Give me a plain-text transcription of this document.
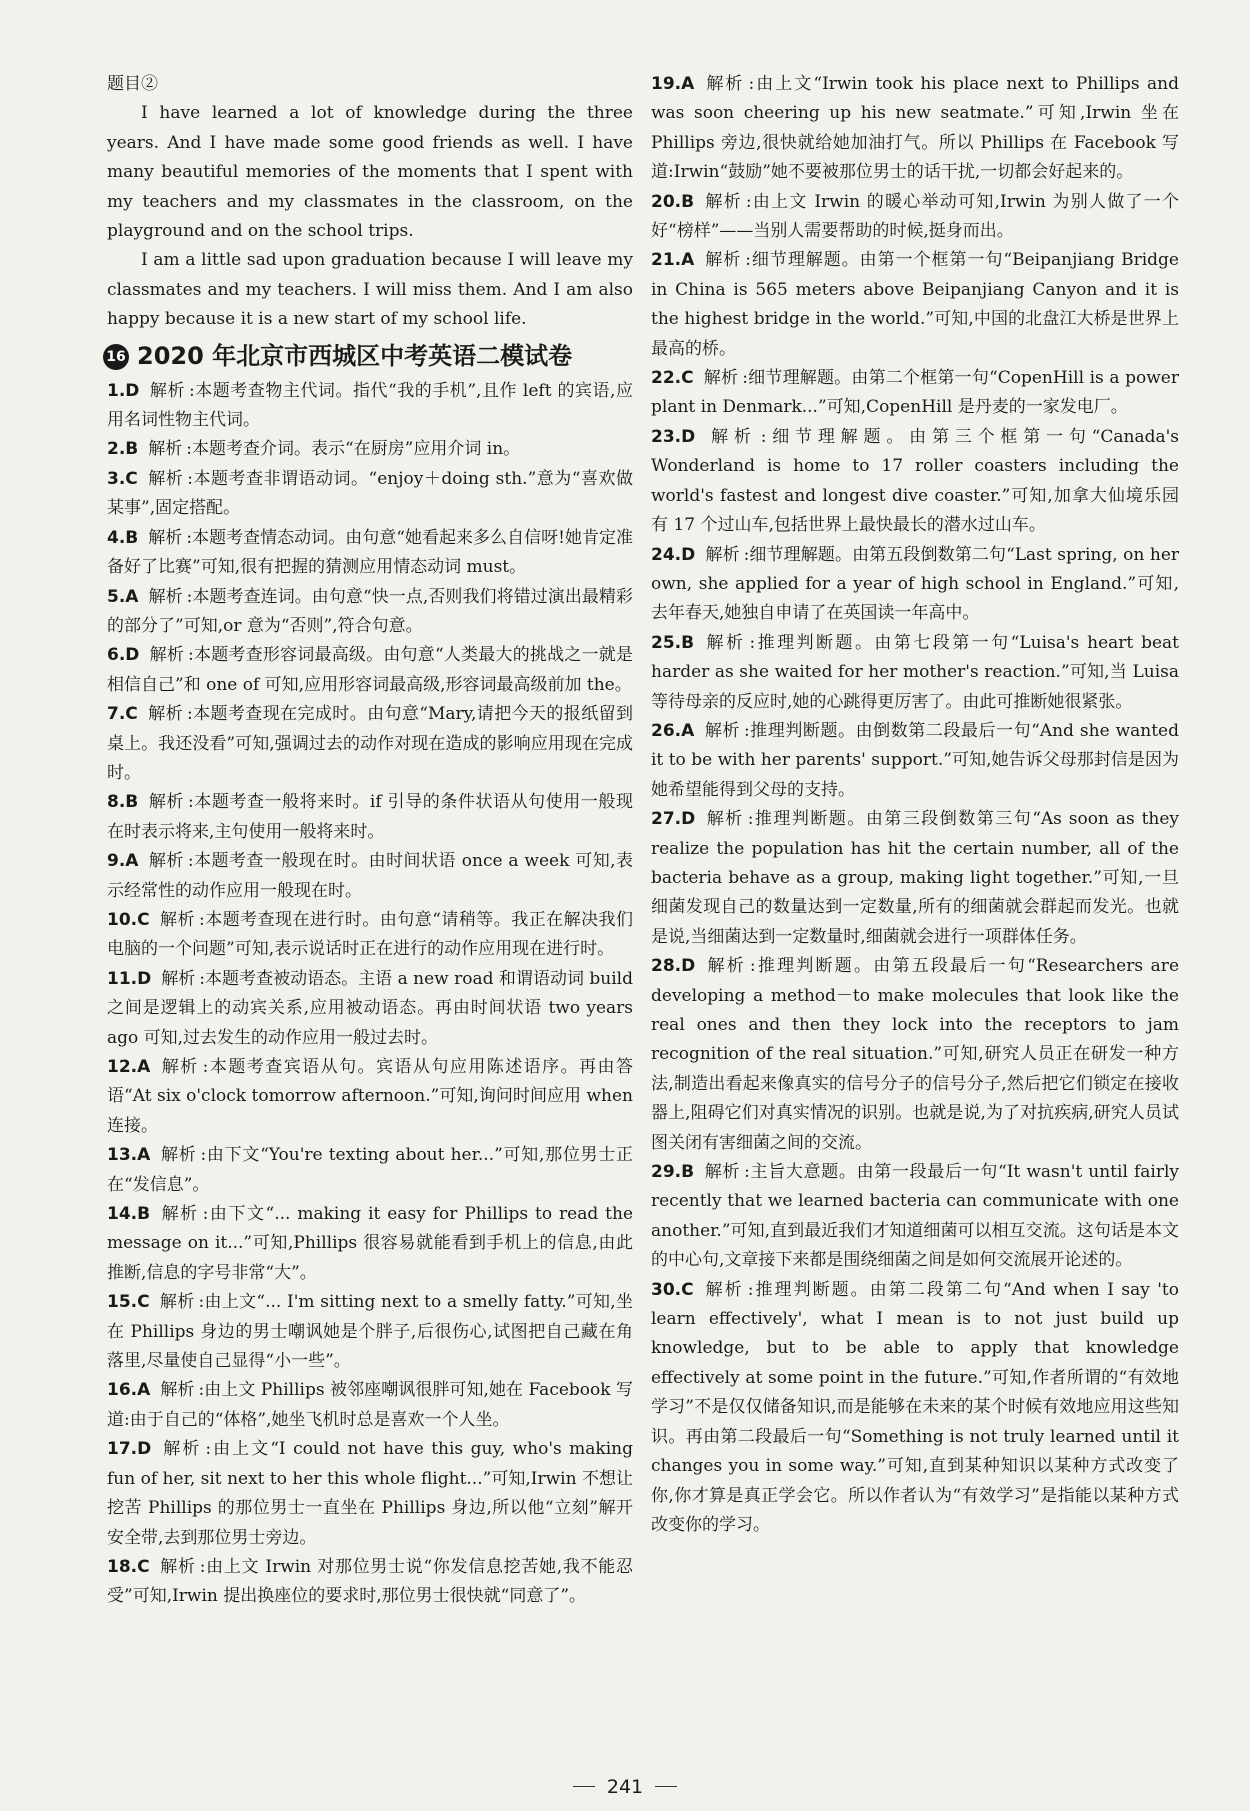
题目②

I have learned a lot of knowledge during the three years. And I have made some good friends as well. I have many beautiful memories of the moments that I spent with my teachers and my classmates in the classroom, on the playground and on the school trips.

I am a little sad upon graduation because I will leave my classmates and my teachers. I will miss them. And I am also happy because it is a new start of my school life.

16 2020 年北京市西城区中考英语二模试卷

1.D 解析 :本题考查物主代词。指代“我的手机”,且作 left 的宾语,应用名词性物主代词。

2.B 解析 :本题考查介词。表示“在厨房”应用介词 in。

3.C 解析 :本题考查非谓语动词。“enjoy＋doing sth.”意为“喜欢做某事”,固定搭配。

4.B 解析 :本题考查情态动词。由句意“她看起来多么自信呀!她肯定准备好了比赛”可知,很有把握的猜测应用情态动词 must。

5.A 解析 :本题考查连词。由句意“快一点,否则我们将错过演出最精彩的部分了”可知,or 意为“否则”,符合句意。

6.D 解析 :本题考查形容词最高级。由句意“人类最大的挑战之一就是相信自己”和 one of 可知,应用形容词最高级,形容词最高级前加 the。

7.C 解析 :本题考查现在完成时。由句意“Mary,请把今天的报纸留到桌上。我还没看”可知,强调过去的动作对现在造成的影响应用现在完成时。

8.B 解析 :本题考查一般将来时。if 引导的条件状语从句使用一般现在时表示将来,主句使用一般将来时。

9.A 解析 :本题考查一般现在时。由时间状语 once a week 可知,表示经常性的动作应用一般现在时。

10.C 解析 :本题考查现在进行时。由句意“请稍等。我正在解决我们电脑的一个问题”可知,表示说话时正在进行的动作应用现在进行时。

11.D 解析 :本题考查被动语态。主语 a new road 和谓语动词 build 之间是逻辑上的动宾关系,应用被动语态。再由时间状语 two years ago 可知,过去发生的动作应用一般过去时。

12.A 解析 :本题考查宾语从句。宾语从句应用陈述语序。再由答语“At six o'clock tomorrow afternoon.”可知,询问时间应用 when 连接。

13.A 解析 :由下文“You're texting about her...”可知,那位男士正在“发信息”。

14.B 解析 :由下文“... making it easy for Phillips to read the message on it...”可知,Phillips 很容易就能看到手机上的信息,由此推断,信息的字号非常“大”。

15.C 解析 :由上文“... I'm sitting next to a smelly fatty.”可知,坐在 Phillips 身边的男士嘲讽她是个胖子,后很伤心,试图把自己藏在角落里,尽量使自己显得“小一些”。

16.A 解析 :由上文 Phillips 被邻座嘲讽很胖可知,她在 Facebook 写道:由于自己的“体格”,她坐飞机时总是喜欢一个人坐。

17.D 解析 :由上文“I could not have this guy, who's making fun of her, sit next to her this whole flight...”可知,Irwin 不想让挖苦 Phillips 的那位男士一直坐在 Phillips 身边,所以他“立刻”解开安全带,去到那位男士旁边。

18.C 解析 :由上文 Irwin 对那位男士说“你发信息挖苦她,我不能忍受”可知,Irwin 提出换座位的要求时,那位男士很快就“同意了”。

19.A 解析 :由上文“Irwin took his place next to Phillips and was soon cheering up his new seatmate.”可知,Irwin 坐在 Phillips 旁边,很快就给她加油打气。所以 Phillips 在 Facebook 写道:Irwin“鼓励”她不要被那位男士的话干扰,一切都会好起来的。

20.B 解析 :由上文 Irwin 的暖心举动可知,Irwin 为别人做了一个好“榜样”——当别人需要帮助的时候,挺身而出。

21.A 解析 :细节理解题。由第一个框第一句“Beipanjiang Bridge in China is 565 meters above Beipanjiang Canyon and it is the highest bridge in the world.”可知,中国的北盘江大桥是世界上最高的桥。

22.C 解析 :细节理解题。由第二个框第一句“CopenHill is a power plant in Denmark...”可知,CopenHill 是丹麦的一家发电厂。

23.D 解析 :细节理解题。由第三个框第一句“Canada's Wonderland is home to 17 roller coasters including the world's fastest and longest dive coaster.”可知,加拿大仙境乐园有 17 个过山车,包括世界上最快最长的潜水过山车。

24.D 解析 :细节理解题。由第五段倒数第二句“Last spring, on her own, she applied for a year of high school in England.”可知,去年春天,她独自申请了在英国读一年高中。

25.B 解析 :推理判断题。由第七段第一句“Luisa's heart beat harder as she waited for her mother's reaction.”可知,当 Luisa 等待母亲的反应时,她的心跳得更厉害了。由此可推断她很紧张。

26.A 解析 :推理判断题。由倒数第二段最后一句“And she wanted it to be with her parents' support.”可知,她告诉父母那封信是因为她希望能得到父母的支持。

27.D 解析 :推理判断题。由第三段倒数第三句“As soon as they realize the population has hit the certain number, all of the bacteria behave as a group, making light together.”可知,一旦细菌发现自己的数量达到一定数量,所有的细菌就会群起而发光。也就是说,当细菌达到一定数量时,细菌就会进行一项群体任务。

28.D 解析 :推理判断题。由第五段最后一句“Researchers are developing a method－to make molecules that look like the real ones and then they lock into the receptors to jam recognition of the real situation.”可知,研究人员正在研发一种方法,制造出看起来像真实的信号分子的信号分子,然后把它们锁定在接收器上,阻碍它们对真实情况的识别。也就是说,为了对抗疾病,研究人员试图关闭有害细菌之间的交流。

29.B 解析 :主旨大意题。由第一段最后一句“It wasn't until fairly recently that we learned bacteria can communicate with one another.”可知,直到最近我们才知道细菌可以相互交流。这句话是本文的中心句,文章接下来都是围绕细菌之间是如何交流展开论述的。

30.C 解析 :推理判断题。由第二段第二句“And when I say 'to learn effectively', what I mean is to not just build up knowledge, but to be able to apply that knowledge effectively at some point in the future.”可知,作者所谓的“有效地学习”不是仅仅储备知识,而是能够在未来的某个时候有效地应用这些知识。再由第二段最后一句“Something is not truly learned until it changes you in some way.”可知,直到某种知识以某种方式改变了你,你才算是真正学会它。所以作者认为“有效学习”是指能以某种方式改变你的学习。

241
